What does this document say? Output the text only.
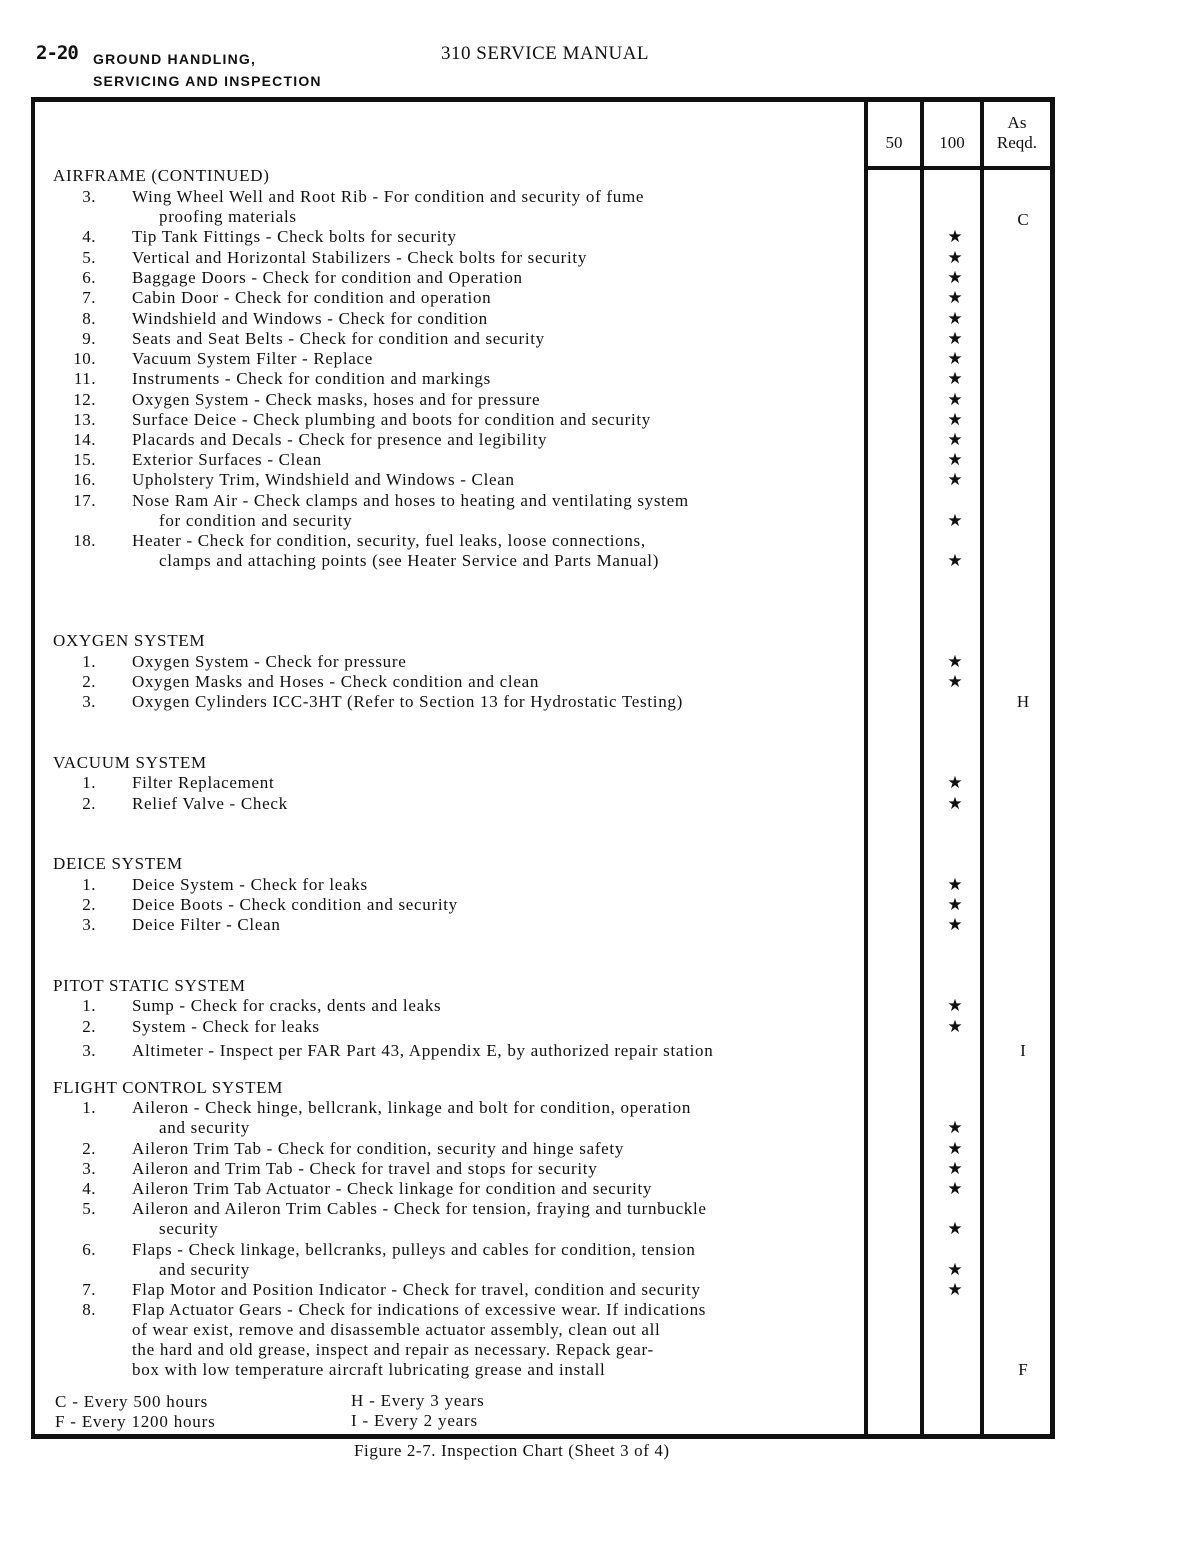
2-20 GROUND HANDLING,
SERVICING AND INSPECTION
310 SERVICE MANUAL
50	100
As
Reqd.
C - Every 500 hours
F - Every 1200 hours
H - Every 3 years
I - Every 2 years
Figure 2-7. Inspection Chart (Sheet 3 of 4)
AIRFRAME (CONTINUED)
3. Wing Wheel Well and Root Rib - For condition and security of fume
proofing materials	C
4. Tip Tank Fittings - Check bolts for security	★
5. Vertical and Horizontal Stabilizers - Check bolts for security	★
6. Baggage Doors - Check for condition and Operation	★
7. Cabin Door - Check for condition and operation	★
8. Windshield and Windows - Check for condition	★
9. Seats and Seat Belts - Check for condition and security	★
10. Vacuum System Filter - Replace	★
11. Instruments - Check for condition and markings	★
12. Oxygen System - Check masks, hoses and for pressure	★
13. Surface Deice - Check plumbing and boots for condition and security	★
14. Placards and Decals - Check for presence and legibility	★
15. Exterior Surfaces - Clean	★
16. Upholstery Trim, Windshield and Windows - Clean	★
17. Nose Ram Air - Check clamps and hoses to heating and ventilating system
for condition and security	★
18. Heater - Check for condition, security, fuel leaks, loose connections,
clamps and attaching points (see Heater Service and Parts Manual)	★
OXYGEN SYSTEM
1. Oxygen System - Check for pressure	★
2. Oxygen Masks and Hoses - Check condition and clean	★
3. Oxygen Cylinders ICC-3HT (Refer to Section 13 for Hydrostatic Testing)	H
VACUUM SYSTEM
1. Filter Replacement	★
2. Relief Valve - Check	★
DEICE SYSTEM
1. Deice System - Check for leaks	★
2. Deice Boots - Check condition and security	★
3. Deice Filter - Clean	★
PITOT STATIC SYSTEM
1. Sump - Check for cracks, dents and leaks	★
2. System - Check for leaks	★
3. Altimeter - Inspect per FAR Part 43, Appendix E, by authorized repair station	I
FLIGHT CONTROL SYSTEM
1. Aileron - Check hinge, bellcrank, linkage and bolt for condition, operation
and security	★
2. Aileron Trim Tab - Check for condition, security and hinge safety	★
3. Aileron and Trim Tab - Check for travel and stops for security	★
4. Aileron Trim Tab Actuator - Check linkage for condition and security	★
5. Aileron and Aileron Trim Cables - Check for tension, fraying and turnbuckle
security	★
6. Flaps - Check linkage, bellcranks, pulleys and cables for condition, tension
and security	★
7. Flap Motor and Position Indicator - Check for travel, condition and security	★
8. Flap Actuator Gears - Check for indications of excessive wear. If indications
of wear exist, remove and disassemble actuator assembly, clean out all
the hard and old grease, inspect and repair as necessary. Repack gear-
box with low temperature aircraft lubricating grease and install	F
